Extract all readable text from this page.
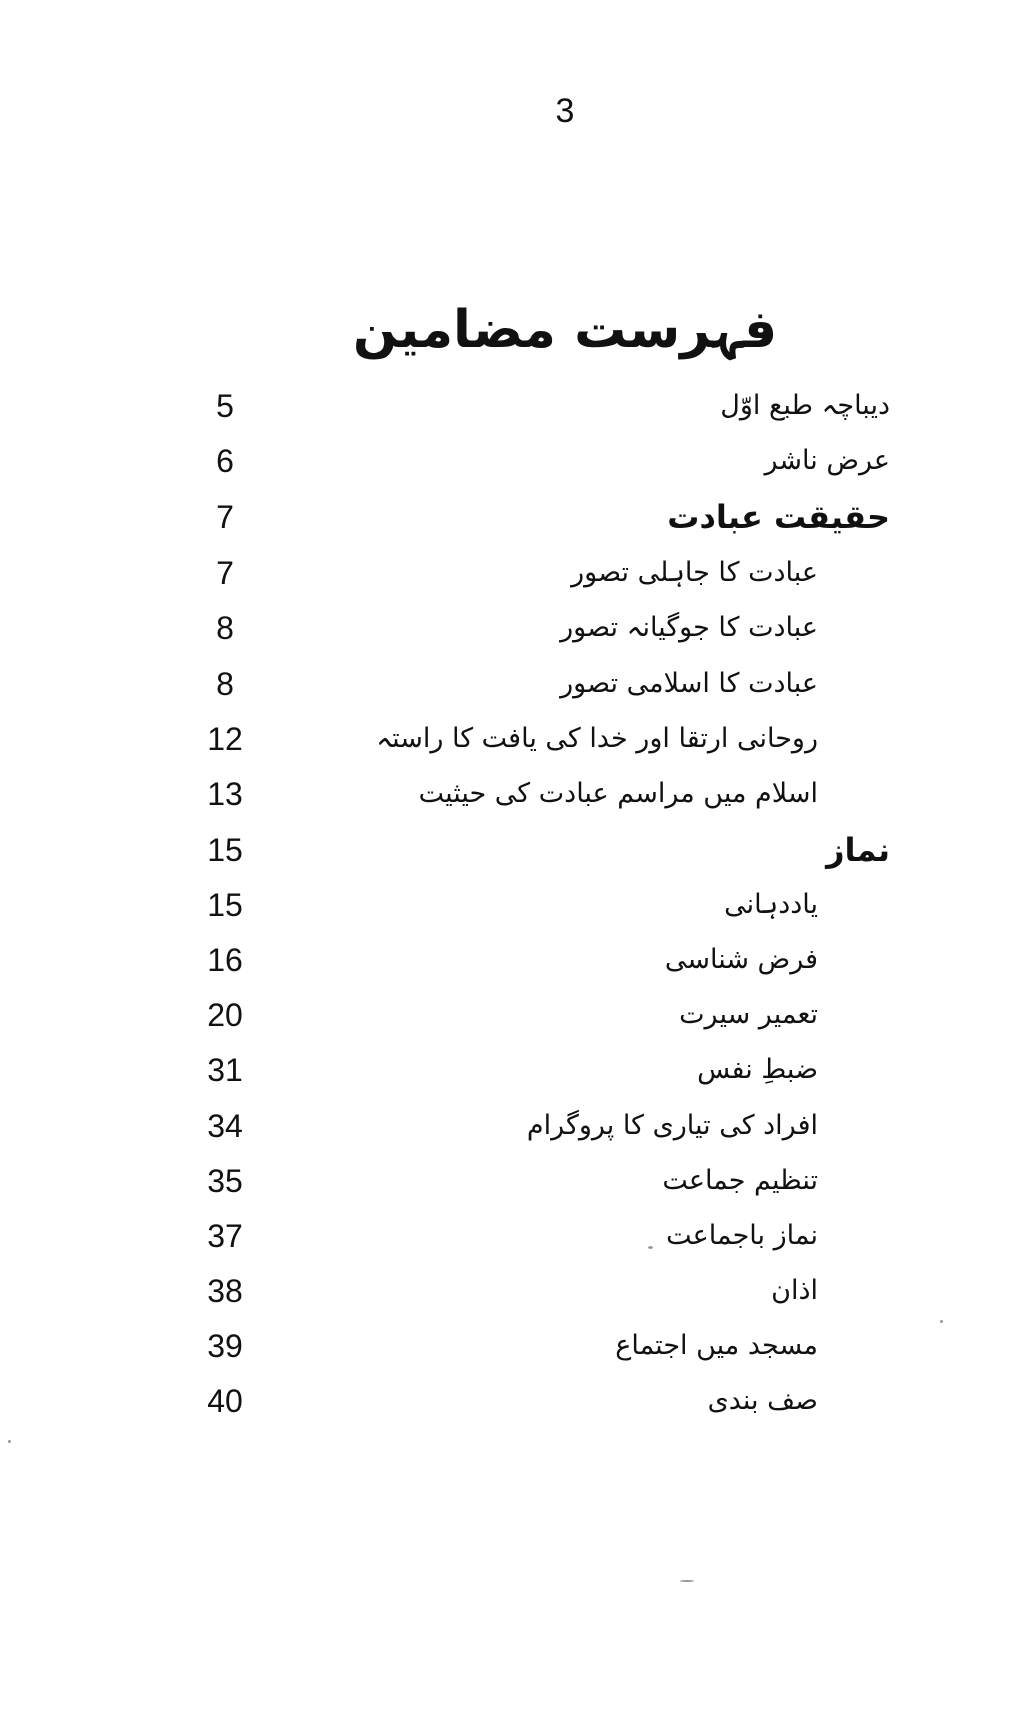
3
فہرست مضامین
دیباچہ طبع اوّل
5
عرض ناشر
6
حقیقت عبادت
7
عبادت کا جاہلی تصور
7
عبادت کا جوگیانہ تصور
8
عبادت کا اسلامی تصور
8
روحانی ارتقا اور خدا کی یافت کا راستہ
12
اسلام میں مراسم عبادت کی حیثیت
13
نماز
15
یاددہانی
15
فرض شناسی
16
تعمیر سیرت
20
ضبطِ نفس
31
افراد کی تیاری کا پروگرام
34
تنظیم جماعت
35
نماز باجماعت
37
اذان
38
مسجد میں اجتماع
39
صف بندی
40
